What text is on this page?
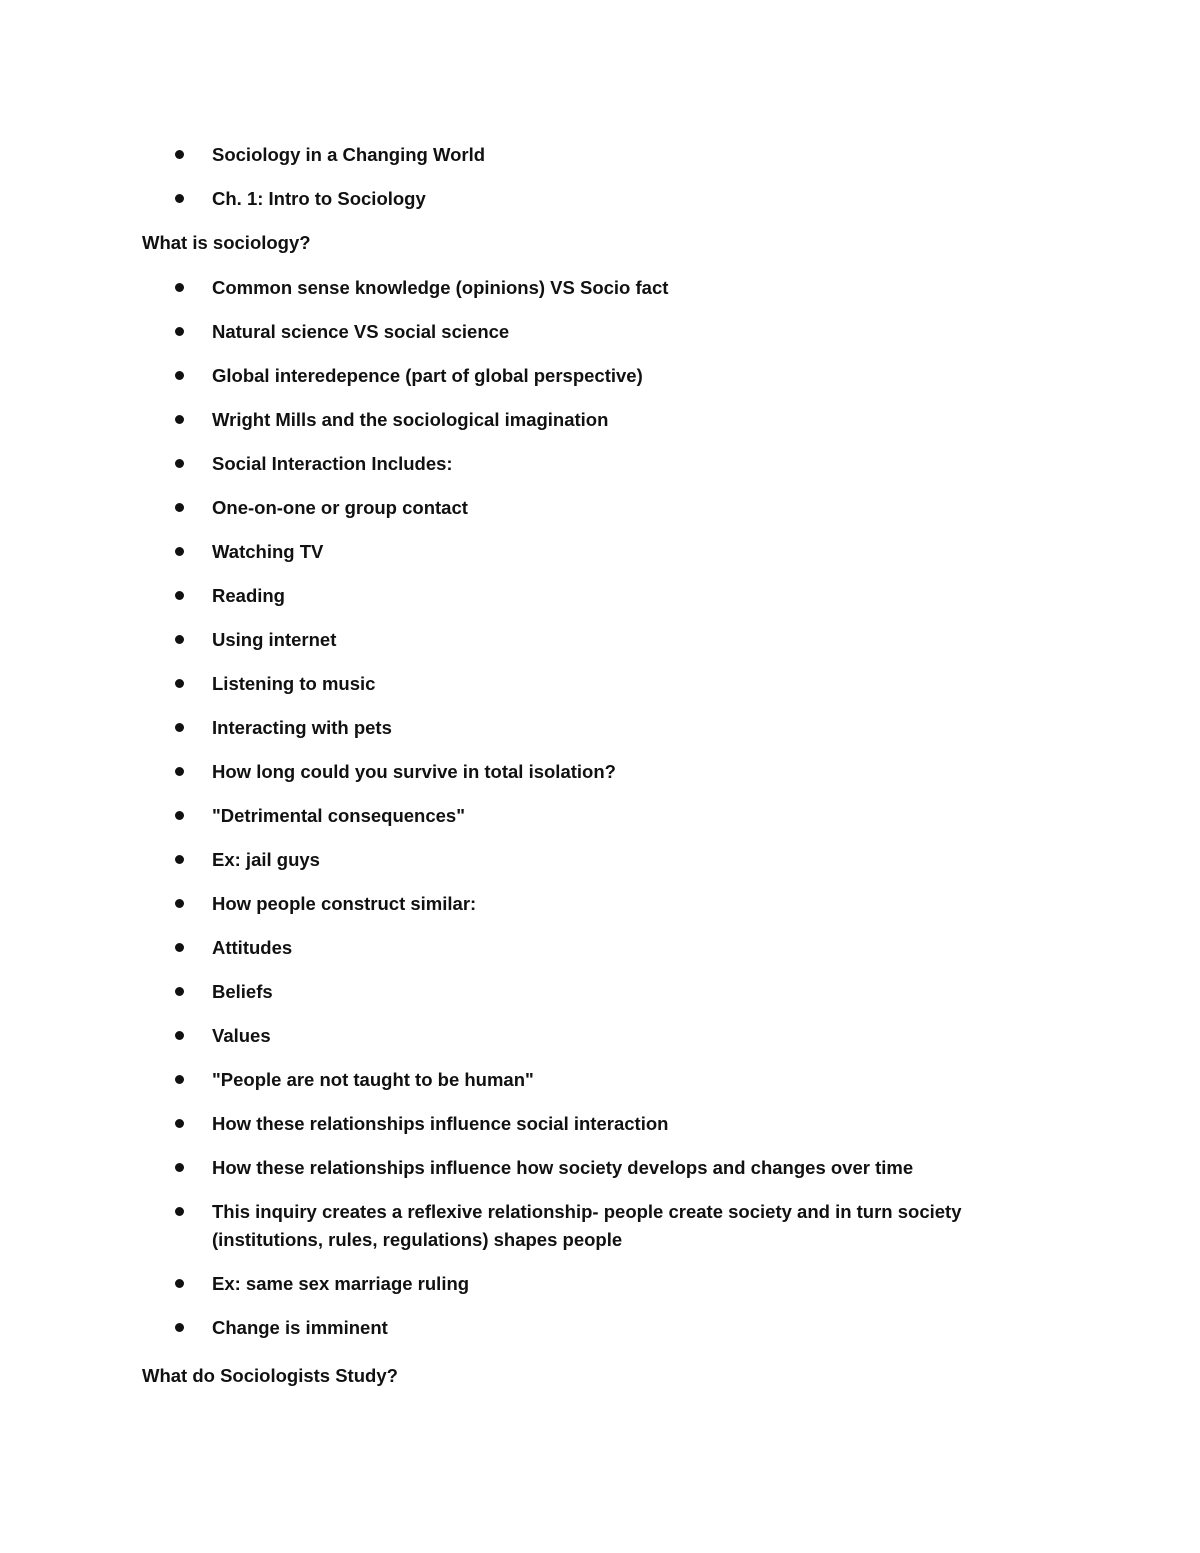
Sociology in a Changing World
Ch. 1: Intro to Sociology
What is sociology?
Common sense knowledge (opinions) VS Socio fact
Natural science VS social science
Global interedepence (part of global perspective)
Wright Mills and the sociological imagination
Social Interaction Includes:
One-on-one or group contact
Watching TV
Reading
Using internet
Listening to music
Interacting with pets
How long could you survive in total isolation?
"Detrimental consequences"
Ex: jail guys
How people construct similar:
Attitudes
Beliefs
Values
"People are not taught to be human"
How these relationships influence social interaction
How these relationships influence how society develops and changes over time
This inquiry creates a reflexive relationship- people create society and in turn society (institutions, rules, regulations) shapes people
Ex: same sex marriage ruling
Change is imminent
What do Sociologists Study?
